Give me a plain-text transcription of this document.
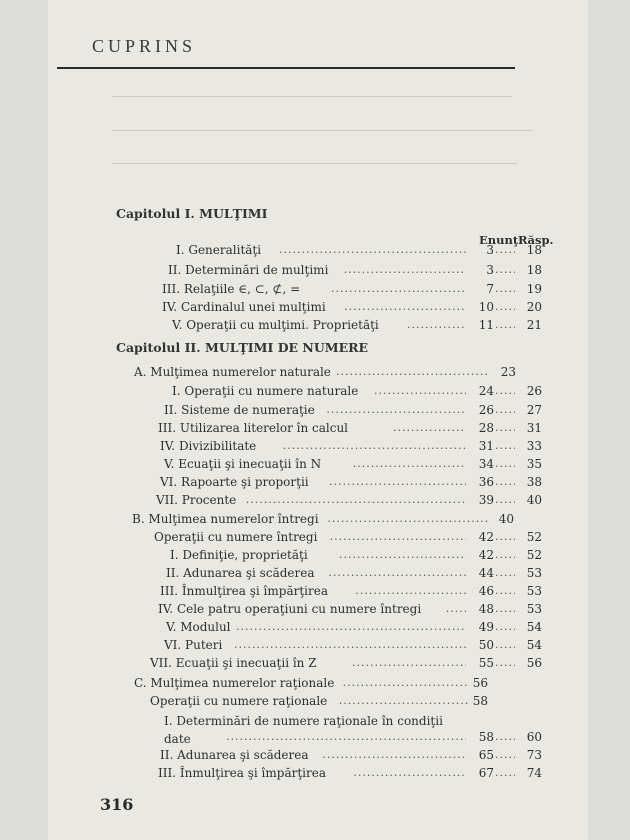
CUPRINS
Capitolul I. MULŢIMI
Enunţ Răsp.
I. Generalităţi .....	3 .....	18
II. Determinări de mulţimi .....	3 .....	18
III. Relaţiile ∈, ⊂, ⊄, = .....	7 .....	19
IV. Cardinalul unei mulţimi .....	10 .....	20
V. Operaţii cu mulţimi. Proprietăţi .....	11 .....	21
Capitolul II. MULŢIMI DE NUMERE
A. Mulţimea numerelor naturale .....	23
I. Operaţii cu numere naturale .....	24 .....	26
II. Sisteme de numeraţie .....	26 .....	27
III. Utilizarea literelor în calcul .....	28 .....	31
IV. Divizibilitate .....	31 .....	33
V. Ecuaţii şi inecuaţii în N .....	34 .....	35
VI. Rapoarte şi proporţii .....	36 .....	38
VII. Procente .....	39 .....	40
B. Mulţimea numerelor întregi .....	40
Operaţii cu numere întregi .....	42 .....	52
I. Definiţie, proprietăţi .....	42 .....	52
II. Adunarea şi scăderea .....	44 .....	53
III. Înmulţirea şi împărţirea .....	46 .....	53
IV. Cele patru operaţiuni cu numere întregi .....	48 .....	53
V. Modulul .....	49 .....	54
VI. Puteri .....	50 .....	54
VII. Ecuaţii şi inecuaţii în Z .....	55 .....	56
C. Mulţimea numerelor raţionale .....	56
Operaţii cu numere raţionale .....	58
I. Determinări de numere raţionale în condiţii date .....	58 .....	60
II. Adunarea şi scăderea .....	65 .....	73
III. Înmulţirea şi împărţirea .....	67 .....	74
316
